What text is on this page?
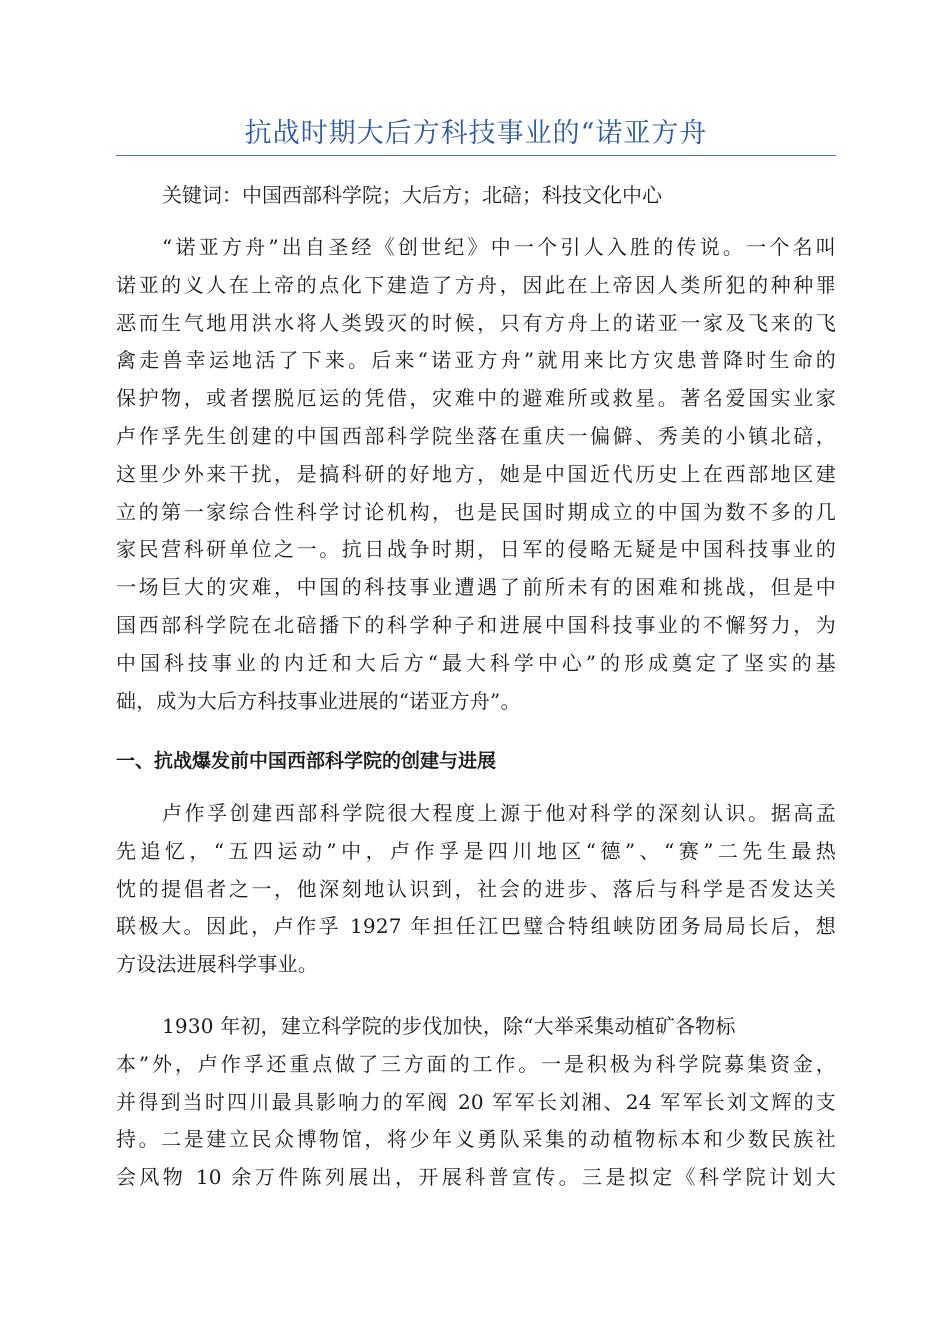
抗战时期大后方科技事业的“诺亚方舟
关键词：中国西部科学院；大后方；北碚；科技文化中心
“诺亚方舟”出自圣经《创世纪》中一个引人入胜的传说。一个名叫
诺亚的义人在上帝的点化下建造了方舟，因此在上帝因人类所犯的种种罪
恶而生气地用洪水将人类毁灭的时候，只有方舟上的诺亚一家及飞来的飞
禽走兽幸运地活了下来。后来“诺亚方舟”就用来比方灾患普降时生命的
保护物，或者摆脱厄运的凭借，灾难中的避难所或救星。著名爱国实业家
卢作孚先生创建的中国西部科学院坐落在重庆一偏僻、秀美的小镇北碚，
这里少外来干扰，是搞科研的好地方，她是中国近代历史上在西部地区建
立的第一家综合性科学讨论机构，也是民国时期成立的中国为数不多的几
家民营科研单位之一。抗日战争时期，日军的侵略无疑是中国科技事业的
一场巨大的灾难，中国的科技事业遭遇了前所未有的困难和挑战，但是中
国西部科学院在北碚播下的科学种子和进展中国科技事业的不懈努力，为
中国科技事业的内迁和大后方“最大科学中心”的形成奠定了坚实的基
础，成为大后方科技事业进展的“诺亚方舟”。
一、抗战爆发前中国西部科学院的创建与进展
卢作孚创建西部科学院很大程度上源于他对科学的深刻认识。据高孟
先追忆，“五四运动”中，卢作孚是四川地区“德”、“赛”二先生最热
忱的提倡者之一，他深刻地认识到，社会的进步、落后与科学是否发达关
联极大。因此，卢作孚 1927 年担任江巴璧合特组峡防团务局局长后，想
方设法进展科学事业。
1930 年初，建立科学院的步伐加快，除“大举采集动植矿各物标
本”外，卢作孚还重点做了三方面的工作。一是积极为科学院募集资金，
并得到当时四川最具影响力的军阀 20 军军长刘湘、24 军军长刘文辉的支
持。二是建立民众博物馆，将少年义勇队采集的动植物标本和少数民族社
会风物 10 余万件陈列展出，开展科普宣传。三是拟定《科学院计划大
